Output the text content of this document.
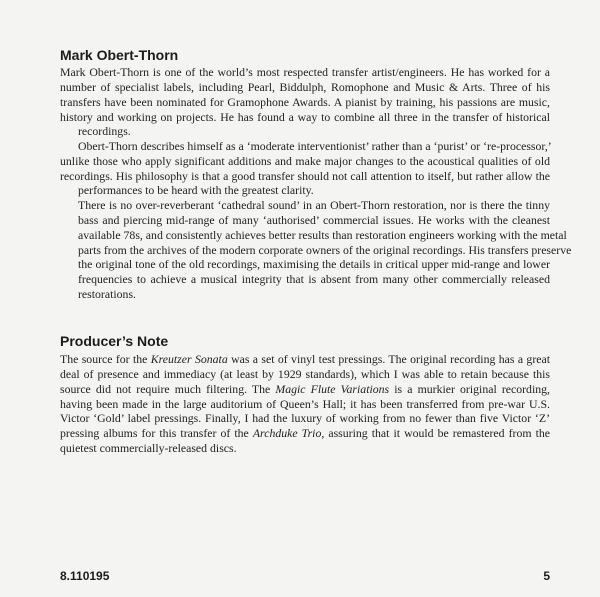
Mark Obert-Thorn
Mark Obert-Thorn is one of the world’s most respected transfer artist/engineers. He has worked for a
number of specialist labels, including Pearl, Biddulph, Romophone and Music & Arts. Three of his
transfers have been nominated for Gramophone Awards. A pianist by training, his passions are music,
history and working on projects. He has found a way to combine all three in the transfer of historical
recordings.
Obert-Thorn describes himself as a ‘moderate interventionist’ rather than a ‘purist’ or ‘re-processor,’
unlike those who apply significant additions and make major changes to the acoustical qualities of old
recordings. His philosophy is that a good transfer should not call attention to itself, but rather allow the
performances to be heard with the greatest clarity.
There is no over-reverberant ‘cathedral sound’ in an Obert-Thorn restoration, nor is there the tinny
bass and piercing mid-range of many ‘authorised’ commercial issues. He works with the cleanest
available 78s, and consistently achieves better results than restoration engineers working with the metal
parts from the archives of the modern corporate owners of the original recordings. His transfers preserve
the original tone of the old recordings, maximising the details in critical upper mid-range and lower
frequencies to achieve a musical integrity that is absent from many other commercially released
restorations.
Producer’s Note
The source for the Kreutzer Sonata was a set of vinyl test pressings. The original recording has a great
deal of presence and immediacy (at least by 1929 standards), which I was able to retain because this
source did not require much filtering. The Magic Flute Variations is a murkier original recording,
having been made in the large auditorium of Queen’s Hall; it has been transferred from pre-war U.S.
Victor ‘Gold’ label pressings. Finally, I had the luxury of working from no fewer than five Victor ‘Z’
pressing albums for this transfer of the Archduke Trio, assuring that it would be remastered from the
quietest commercially-released discs.
8.110195	5
